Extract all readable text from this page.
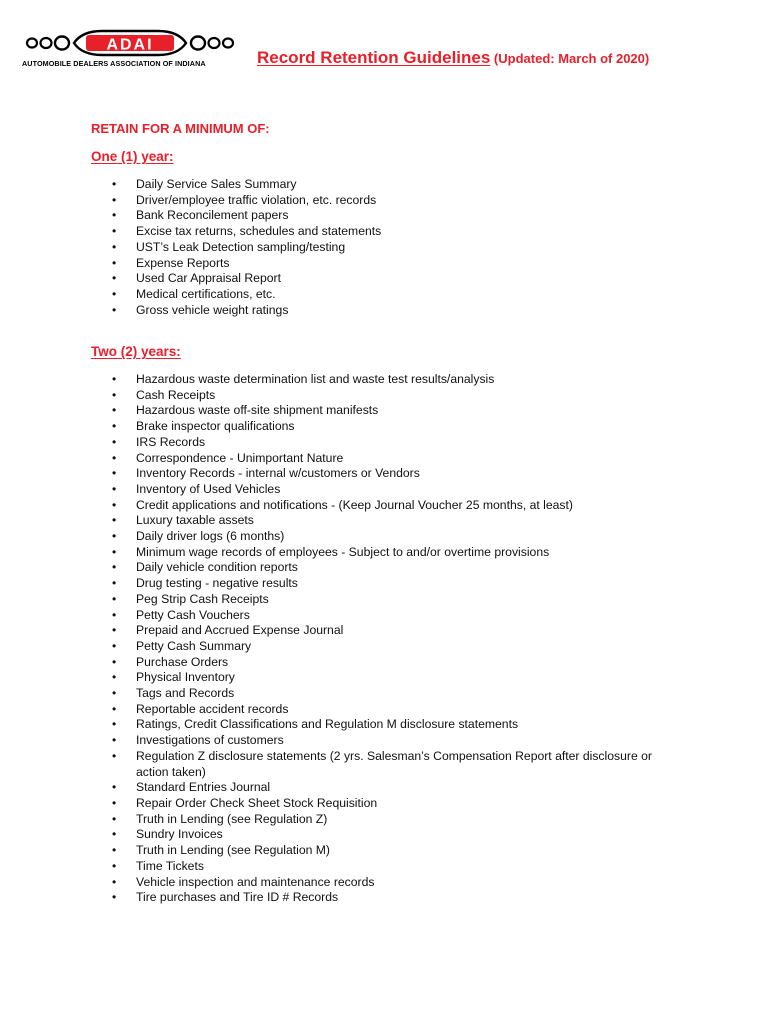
ADAI
AUTOMOBILE DEALERS ASSOCIATION OF INDIANA	Record Retention Guidelines (Updated: March of 2020)
RETAIN FOR A MINIMUM OF:
One (1) year:
• Daily Service Sales Summary
• Driver/employee traffic violation, etc. records
• Bank Reconcilement papers
• Excise tax returns, schedules and statements
• UST’s Leak Detection sampling/testing
• Expense Reports
• Used Car Appraisal Report
• Medical certifications, etc.
• Gross vehicle weight ratings
Two (2) years:
• Hazardous waste determination list and waste test results/analysis
• Cash Receipts
• Hazardous waste off-site shipment manifests
• Brake inspector qualifications
• IRS Records
• Correspondence - Unimportant Nature
• Inventory Records - internal w/customers or Vendors
• Inventory of Used Vehicles
• Credit applications and notifications - (Keep Journal Voucher 25 months, at least)
• Luxury taxable assets
• Daily driver logs (6 months)
• Minimum wage records of employees - Subject to and/or overtime provisions
• Daily vehicle condition reports
• Drug testing - negative results
• Peg Strip Cash Receipts
• Petty Cash Vouchers
• Prepaid and Accrued Expense Journal
• Petty Cash Summary
• Purchase Orders
• Physical Inventory
• Tags and Records
• Reportable accident records
• Ratings, Credit Classifications and Regulation M disclosure statements
• Investigations of customers
• Regulation Z disclosure statements (2 yrs. Salesman’s Compensation Report after disclosure or action taken)
• Standard Entries Journal
• Repair Order Check Sheet Stock Requisition
• Truth in Lending (see Regulation Z)
• Sundry Invoices
• Truth in Lending (see Regulation M)
• Time Tickets
• Vehicle inspection and maintenance records
• Tire purchases and Tire ID # Records
